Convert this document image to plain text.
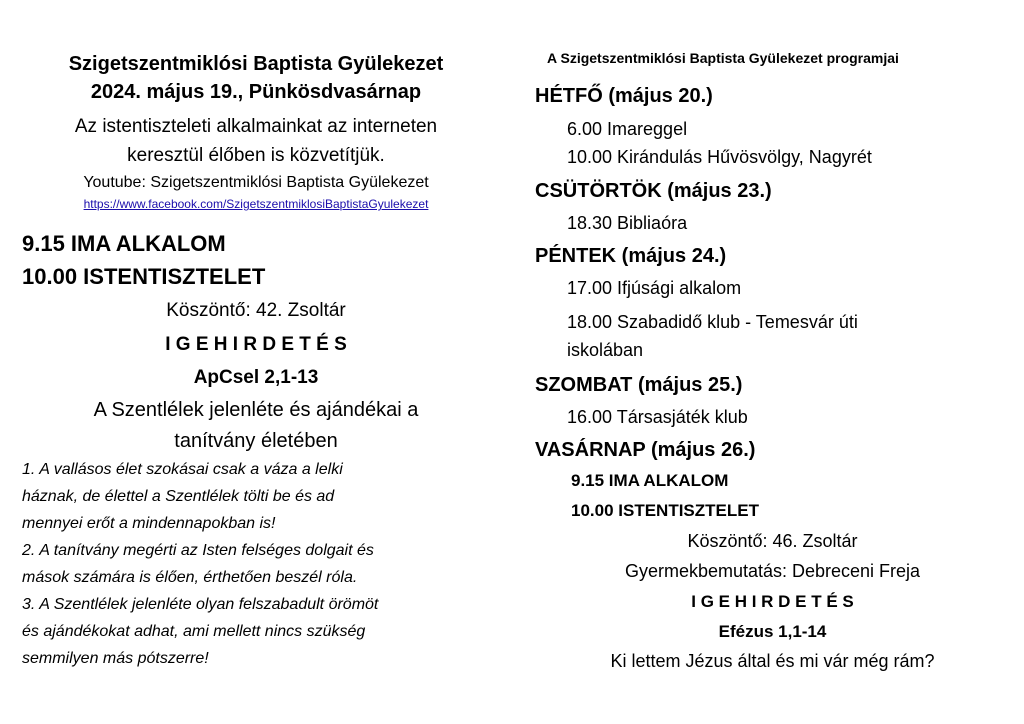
Szigetszentmiklósi Baptista Gyülekezet
2024. május 19., Pünkösdvasárnap
Az istentiszteleti alkalmainkat az interneten
keresztül élőben is közvetítjük.
Youtube: Szigetszentmiklósi Baptista Gyülekezet
https://www.facebook.com/SzigetszentmiklosiBaptistaGyulekezet
9.15 IMA ALKALOM
10.00 ISTENTISZTELET
Köszöntő: 42. Zsoltár
I G E H I R D E T É S
ApCsel 2,1-13
A Szentlélek jelenléte és ajándékai a
tanítvány életében
1. A vallásos élet szokásai csak a váza a lelki
háznak, de élettel a Szentlélek tölti be és ad
mennyei erőt a mindennapokban is!
2. A tanítvány megérti az Isten felséges dolgait és
mások számára is élően, érthetően beszél róla.
3. A Szentlélek jelenléte olyan felszabadult örömöt
és ajándékokat adhat, ami mellett nincs szükség
semmilyen más pótszerre!
A Szigetszentmiklósi Baptista Gyülekezet programjai
HÉTFŐ (május 20.)
6.00 Imareggel
10.00 Kirándulás Hűvösvölgy, Nagyrét
CSÜTÖRTÖK (május 23.)
18.30 Bibliaóra
PÉNTEK (május 24.)
17.00 Ifjúsági alkalom
18.00 Szabadidő klub - Temesvár úti
iskolában
SZOMBAT (május 25.)
16.00 Társasjáték klub
VASÁRNAP (május 26.)
9.15 IMA ALKALOM
10.00 ISTENTISZTELET
Köszöntő: 46. Zsoltár
Gyermekbemutatás: Debreceni Freja
I G E H I R D E T É S
Efézus 1,1-14
Ki lettem Jézus által és mi vár még rám?
